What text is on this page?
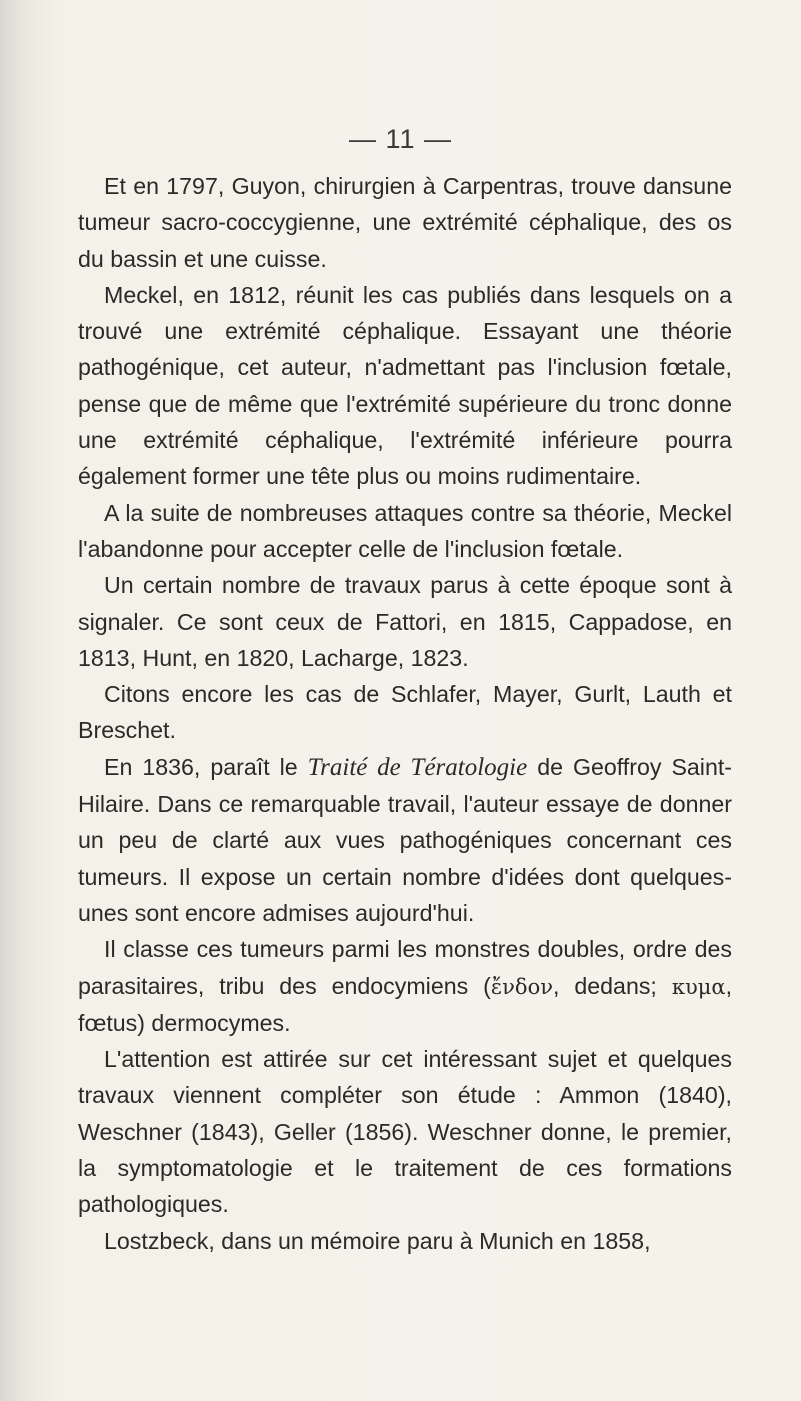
— 11 —

Et en 1797, Guyon, chirurgien à Carpentras, trouve dansune tumeur sacro-coccygienne, une extrémité céphalique, des os du bassin et une cuisse.

Meckel, en 1812, réunit les cas publiés dans lesquels on a trouvé une extrémité céphalique. Essayant une théorie pathogénique, cet auteur, n'admettant pas l'inclusion fœtale, pense que de même que l'extrémité supérieure du tronc donne une extrémité céphalique, l'extrémité inférieure pourra également former une tête plus ou moins rudimentaire.

A la suite de nombreuses attaques contre sa théorie, Meckel l'abandonne pour accepter celle de l'inclusion fœtale.

Un certain nombre de travaux parus à cette époque sont à signaler. Ce sont ceux de Fattori, en 1815, Cappadose, en 1813, Hunt, en 1820, Lacharge, 1823.

Citons encore les cas de Schlafer, Mayer, Gurlt, Lauth et Breschet.

En 1836, paraît le Traité de Tératologie de Geoffroy Saint-Hilaire. Dans ce remarquable travail, l'auteur essaye de donner un peu de clarté aux vues pathogéniques concernant ces tumeurs. Il expose un certain nombre d'idées dont quelques-unes sont encore admises aujourd'hui.

Il classe ces tumeurs parmi les monstres doubles, ordre des parasitaires, tribu des endocymiens (ἔνδον, dedans; κυμα, fœtus) dermocymes.

L'attention est attirée sur cet intéressant sujet et quelques travaux viennent compléter son étude : Ammon (1840), Weschner (1843), Geller (1856). Weschner donne, le premier, la symptomatologie et le traitement de ces formations pathologiques.

Lostzbeck, dans un mémoire paru à Munich en 1858,
